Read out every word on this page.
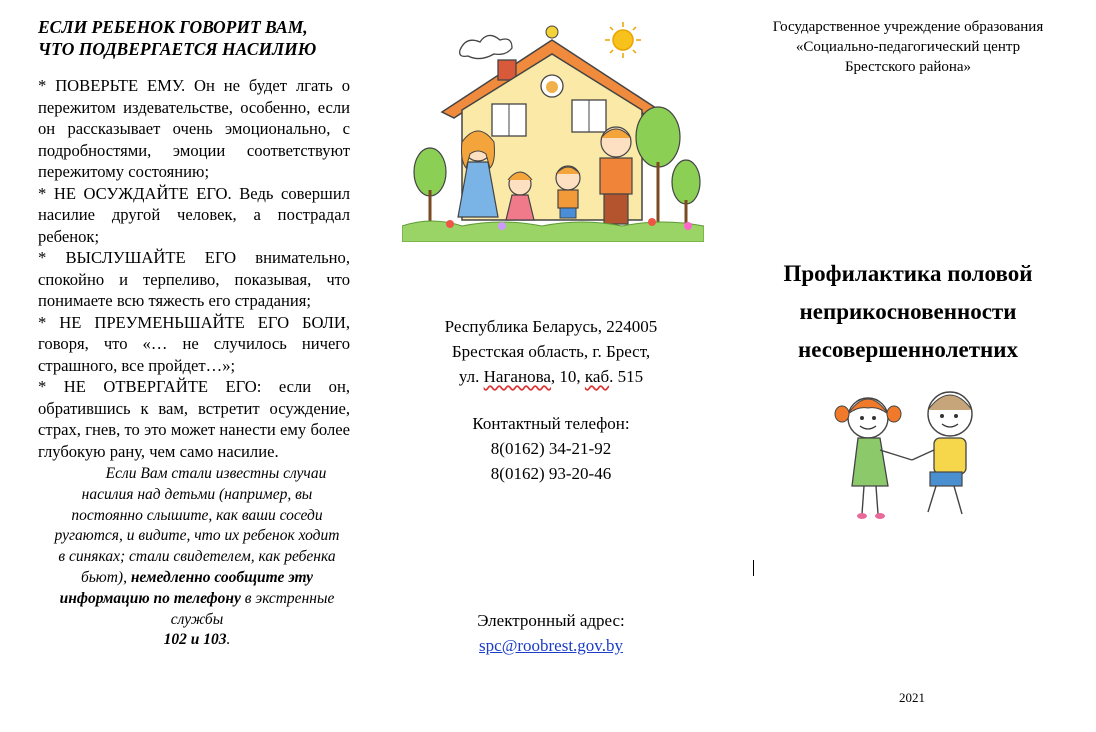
ЕСЛИ РЕБЕНОК ГОВОРИТ ВАМ,
ЧТО ПОДВЕРГАЕТСЯ НАСИЛИЮ

* ПОВЕРЬТЕ ЕМУ. Он не будет лгать о пережитом издевательстве, особенно, если он рассказывает очень эмоционально, с подробностями, эмоции соответствуют пережитому состоянию;

* НЕ ОСУЖДАЙТЕ ЕГО. Ведь совершил насилие другой человек, а пострадал ребенок;

* ВЫСЛУШАЙТЕ ЕГО внимательно, спокойно и терпеливо, показывая, что понимаете всю тяжесть его страдания;

* НЕ ПРЕУМЕНЬШАЙТЕ ЕГО БОЛИ, говоря, что «… не случилось ничего страшного, все пройдет…»;

* НЕ ОТВЕРГАЙТЕ ЕГО: если он, обратившись к вам, встретит осуждение, страх, гнев, то это может нанести ему более глубокую рану, чем само насилие.

Если Вам стали известны случаи насилия над детьми (например, вы постоянно слышите, как ваши соседи ругаются, и видите, что их ребенок ходит в синяках; стали свидетелем, как ребенка бьют), немедленно сообщите эту информацию по телефону в экстренные службы
102 и 103.
Республика Беларусь, 224005
Брестская область, г. Брест,
ул. Наганова, 10, каб. 515
Контактный телефон:
8(0162) 34-21-92
8(0162) 93-20-46
Электронный адрес:
spc@roobrest.gov.by
Государственное учреждение образования
«Социально-педагогический центр
Брестского района»
Профилактика половой
неприкосновенности
несовершеннолетних
2021
